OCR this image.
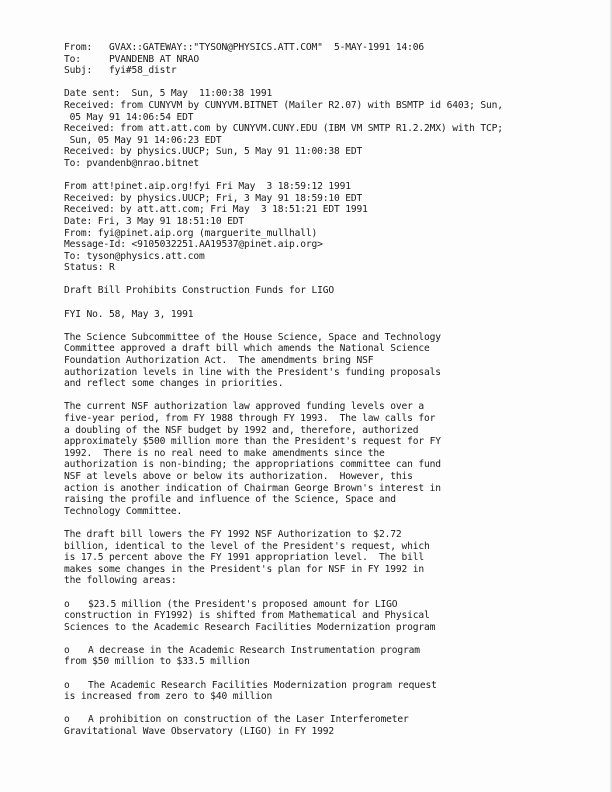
From:   GVAX::GATEWAY::"TYSON@PHYSICS.ATT.COM"  5-MAY-1991 14:06
To:     PVANDENB AT NRAO
Subj:   fyi#58_distr
Date sent:  Sun, 5 May  11:00:38 1991
Received: from CUNYVM by CUNYVM.BITNET (Mailer R2.07) with BSMTP id 6403; Sun,
05 May 91 14:06:54 EDT
Received: from att.att.com by CUNYVM.CUNY.EDU (IBM VM SMTP R1.2.2MX) with TCP;
Sun, 05 May 91 14:06:23 EDT
Received: by physics.UUCP; Sun, 5 May 91 11:00:38 EDT
To: pvandenb@nrao.bitnet
From att!pinet.aip.org!fyi Fri May  3 18:59:12 1991
Received: by physics.UUCP; Fri, 3 May 91 18:59:10 EDT
Received: by att.att.com; Fri May  3 18:51:21 EDT 1991
Date: Fri, 3 May 91 18:51:10 EDT
From: fyi@pinet.aip.org (marguerite_mullhall)
Message-Id: <9105032251.AA19537@pinet.aip.org>
To: tyson@physics.att.com
Status: R
Draft Bill Prohibits Construction Funds for LIGO
FYI No. 58, May 3, 1991
The Science Subcommittee of the House Science, Space and Technology
Committee approved a draft bill which amends the National Science
Foundation Authorization Act.  The amendments bring NSF
authorization levels in line with the President's funding proposals
and reflect some changes in priorities.
The current NSF authorization law approved funding levels over a
five-year period, from FY 1988 through FY 1993.  The law calls for
a doubling of the NSF budget by 1992 and, therefore, authorized
approximately $500 million more than the President's request for FY
1992.  There is no real need to make amendments since the
authorization is non-binding; the appropriations committee can fund
NSF at levels above or below its authorization.  However, this
action is another indication of Chairman George Brown's interest in
raising the profile and influence of the Science, Space and
Technology Committee.
The draft bill lowers the FY 1992 NSF Authorization to $2.72
billion, identical to the level of the President's request, which
is 17.5 percent above the FY 1991 appropriation level.  The bill
makes some changes in the President's plan for NSF in FY 1992 in
the following areas:
o	$23.5 million (the President's proposed amount for LIGO
construction in FY1992) is shifted from Mathematical and Physical
Sciences to the Academic Research Facilities Modernization program
o	A decrease in the Academic Research Instrumentation program
from $50 million to $33.5 million
o	The Academic Research Facilities Modernization program request
is increased from zero to $40 million
o	A prohibition on construction of the Laser Interferometer
Gravitational Wave Observatory (LIGO) in FY 1992
